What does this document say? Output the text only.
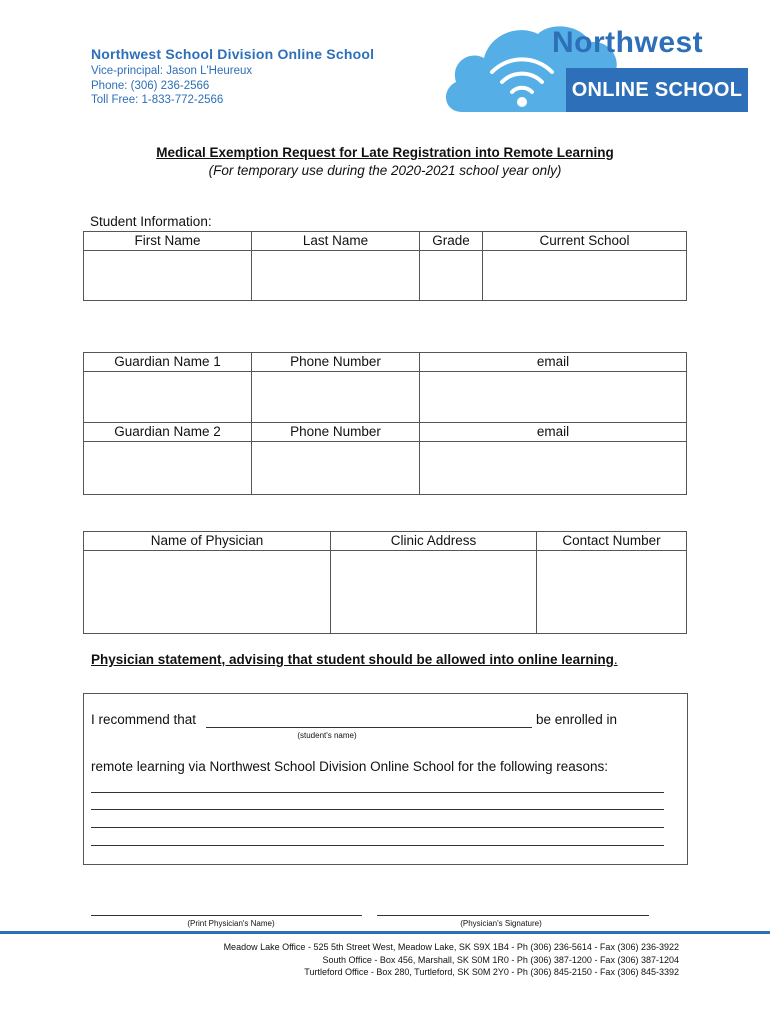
Northwest School Division Online School
Vice-principal: Jason L'Heureux
Phone: (306) 236-2566
Toll Free: 1-833-772-2566
Northwest
ONLINE SCHOOL
Medical Exemption Request for Late Registration into Remote Learning
(For temporary use during the 2020-2021 school year only)
Student Information:
First Name	Last Name	Grade	Current School

Guardian Name 1	Phone Number	email

Guardian Name 2	Phone Number	email

Name of Physician	Clinic Address	Contact Number

Physician statement, advising that student should be allowed into online learning.
I recommend that	be enrolled in
(student's name)
remote learning via Northwest School Division Online School for the following reasons:
(Print Physician's Name)	(Physician's Signature)
Meadow Lake Office - 525 5th Street West, Meadow Lake, SK S9X 1B4 - Ph (306) 236-5614 - Fax (306) 236-3922
South Office - Box 456, Marshall, SK S0M 1R0 - Ph (306) 387-1200 - Fax (306) 387-1204
Turtleford Office - Box 280, Turtleford, SK S0M 2Y0 - Ph (306) 845-2150 - Fax (306) 845-3392
